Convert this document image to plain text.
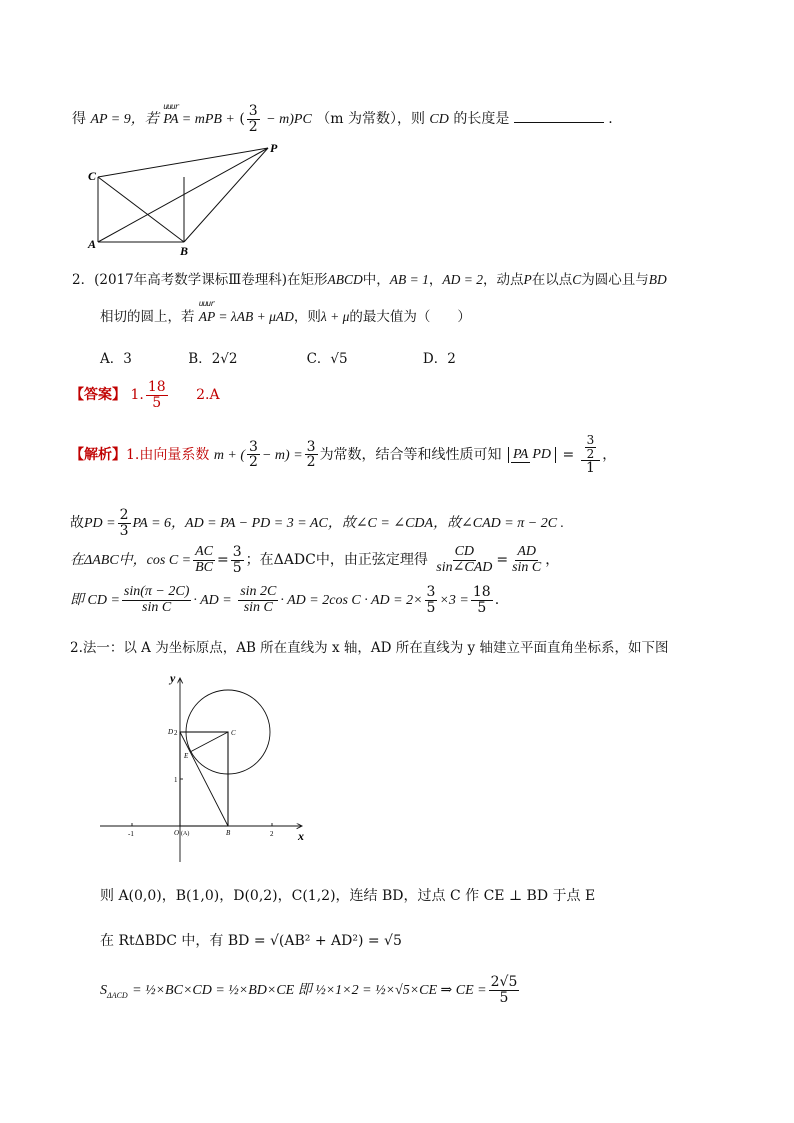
得 AP = 9，若 uuur PA = mPB + ( $\frac{3}{2} - m)PC$ （m 为常数），则 CD 的长度是	.
C
P
A	B
2．(2017年高考数学课标Ⅲ卷理科)在矩形ABCD中，AB = 1，AD = 2，动点P在以点C为圆心且与BD
相切的圆上，若 uuur AP = λAB + μAD，则λ + μ的最大值为（　　）
A．3	B．2√2	C．√5	D．2
【答案】 1. $\frac{18}{5} 2.A$
【解析】1.由向量系数 m + ( $\frac{3}{2} - m) = \frac{3}{2}$ 为常数，结合等和线性质可知 PA PD = $\frac{\frac{3}{2}}{1}$ ，
故PD = $\frac{2}{3}$ PA = 6，AD = PA − PD = 3 = AC，故∠C = ∠CDA，故∠CAD = π − 2C .
在ΔABC中，$\cos C = \frac{AC}{BC} = \frac{3}{5}$ ；在ΔADC中，由正弦定理得 $\frac{CD}{\text{sin∠CAD}} = \frac{AD}{\text{sin C}}$ ，
即 CD = $\frac{\sin(\pi - 2C)}{\text{sin C}}$ · AD = $\frac{\sin 2C}{\text{sin C}}$ · AD = 2cos C · AD = $2\times \frac{3}{5} \times 3 = \frac{18}{5}$ .
2.法一：以 A 为坐标原点，AB 所在直线为 x 轴，AD 所在直线为 y 轴建立平面直角坐标系，如下图
x
y
-1	O (A)	B	2
D 2
1
C
E
则 A(0,0)，B(1,0)，D(0,2)，C(1,2)，连结 BD，过点 C 作 CE ⊥ BD 于点 E
在 RtΔBDC 中，有 BD = √(AB² + AD²) = √5
$S_{\Delta ACD}$ = ½×BC×CD = ½×BD×CE 即 ½×1×2 = ½×√5×CE ⇒ CE = $\frac{2√5}{5}$
